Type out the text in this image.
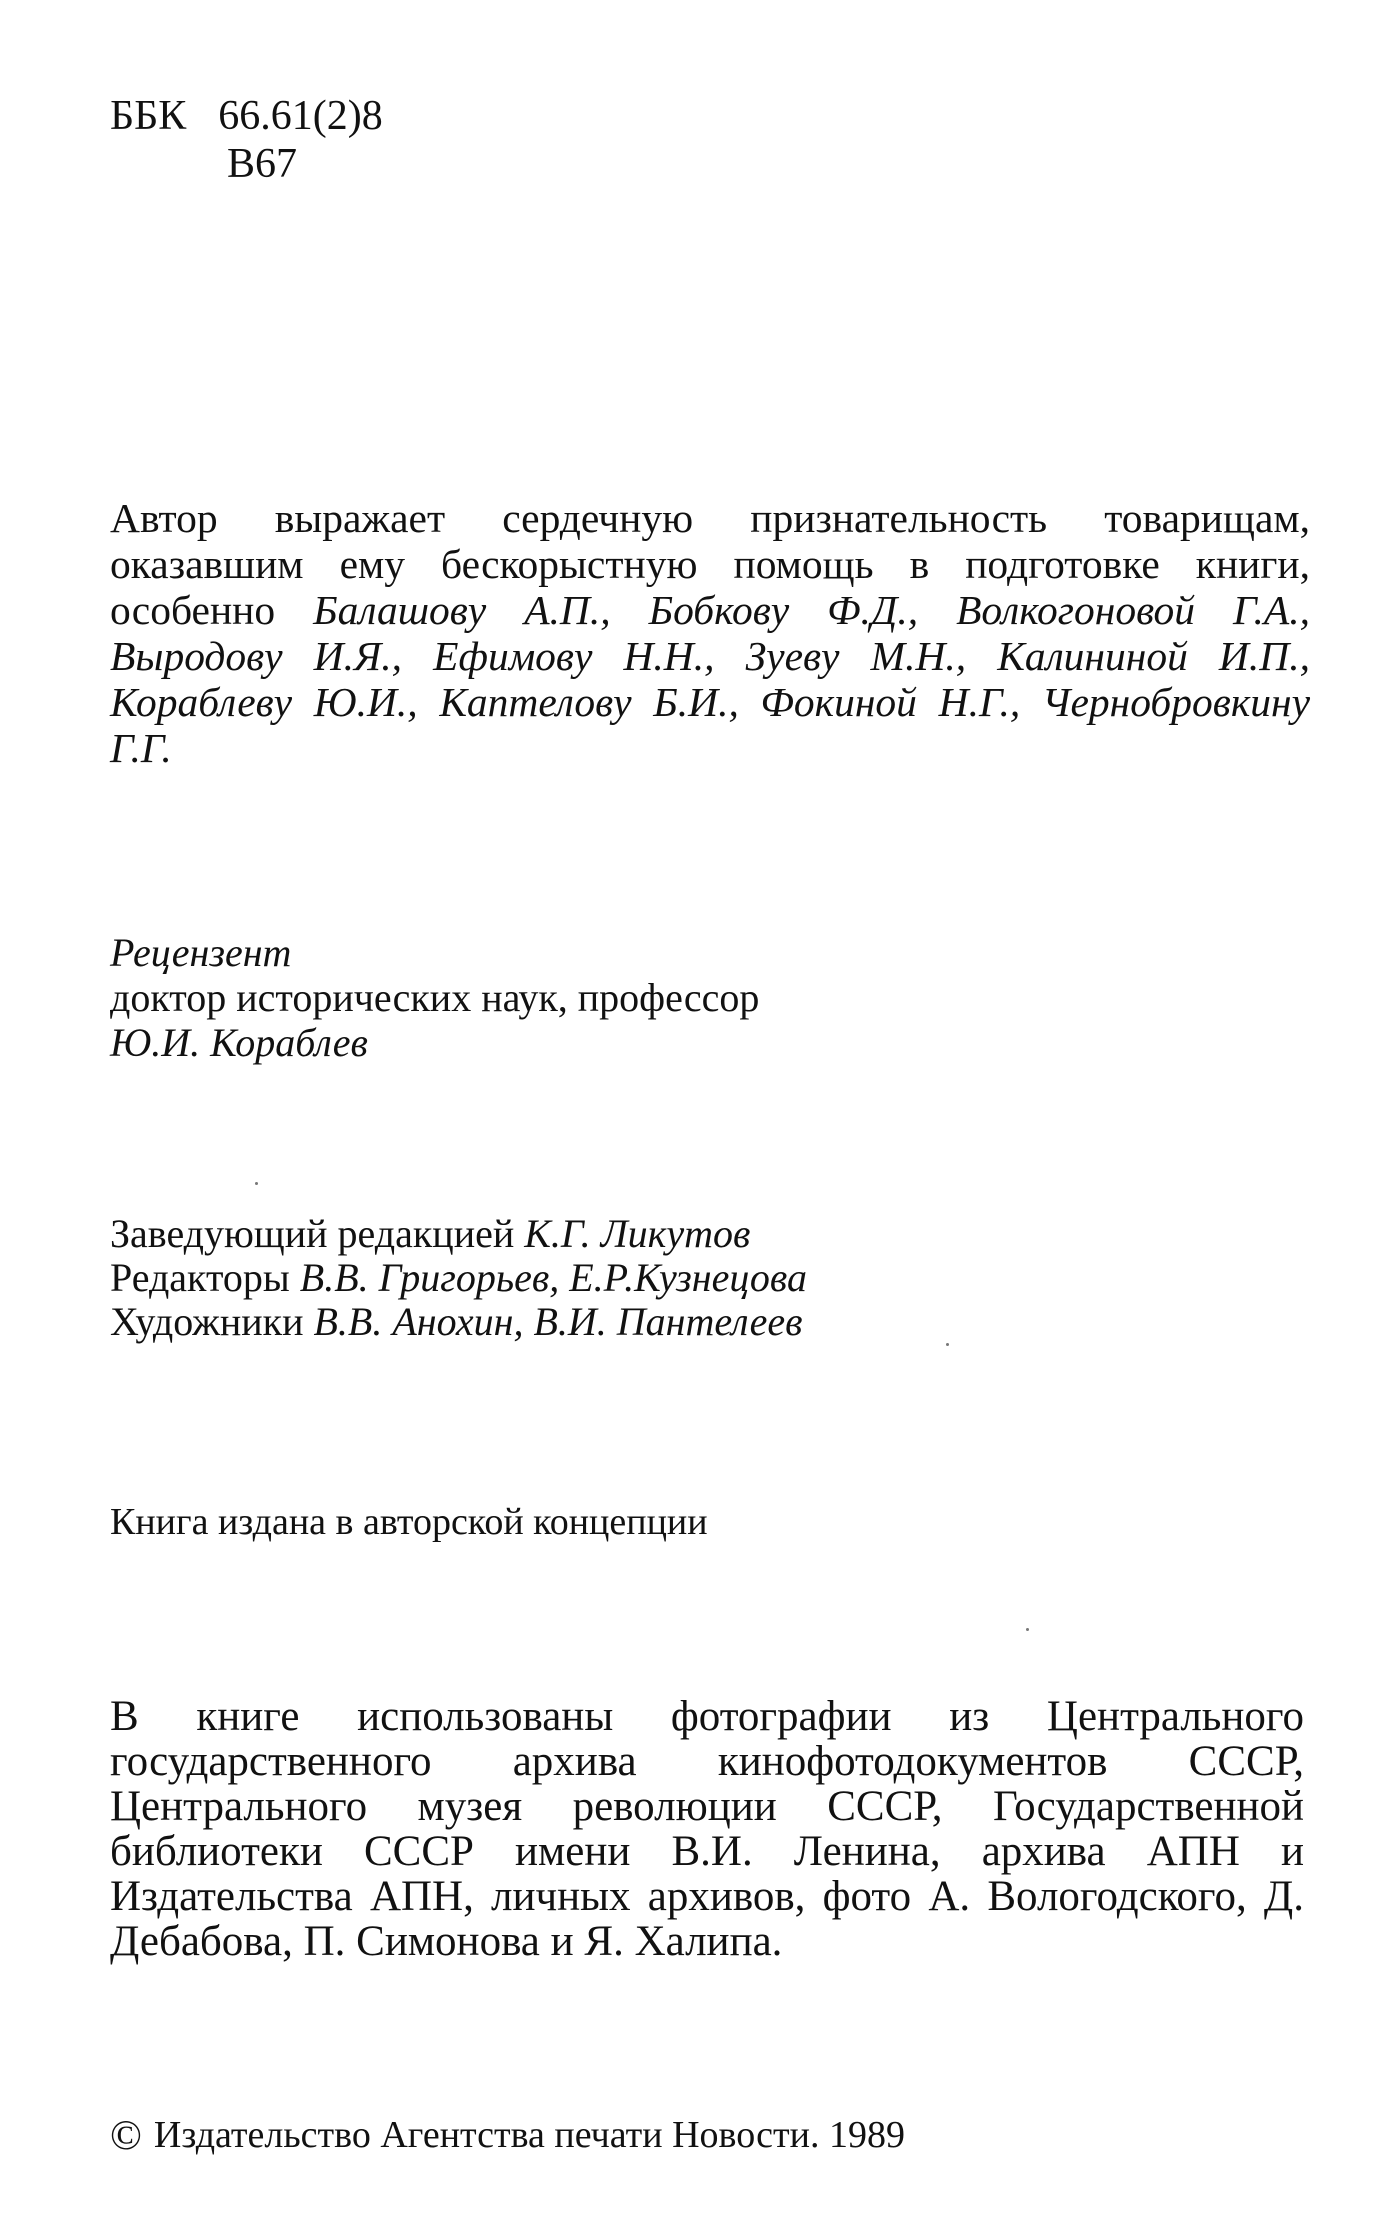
ББК 66.61(2)8
В67

Автор выражает сердечную признательность товарищам, оказавшим ему бескорыстную помощь в подготовке книги, особенно Балашову А.П., Бобкову Ф.Д., Волкогоновой Г.А., Выродову И.Я., Ефимову Н.Н., Зуеву М.Н., Калининой И.П., Кораблеву Ю.И., Каптелову Б.И., Фокиной Н.Г., Чернобровкину Г.Г.

Рецензент
доктор исторических наук, профессор
Ю.И. Кораблев
Заведующий редакцией К.Г. Ликутов
Редакторы В.В. Григорьев, Е.Р.Кузнецова
Художники В.В. Анохин, В.И. Пантелеев
Книга издана в авторской концепции

В книге использованы фотографии из Центрального государственного архива кинофотодокументов СССР, Центрального музея революции СССР, Государственной библиотеки СССР имени В.И. Ленина, архива АПН и Издательства АПН, личных архивов, фото А. Вологодского, Д. Дебабова, П. Симонова и Я. Халипа.

© Издательство Агентства печати Новости. 1989
